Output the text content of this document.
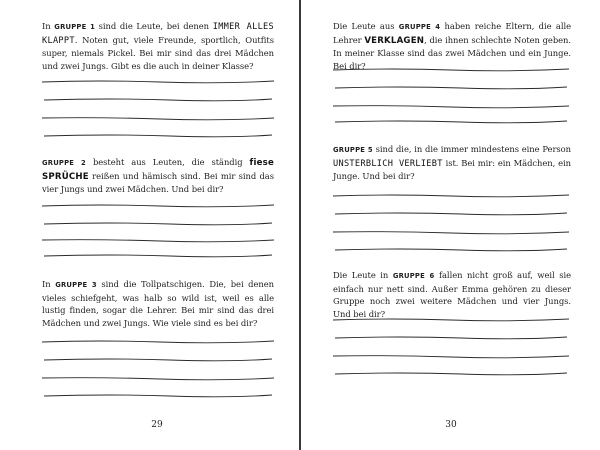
In GRUPPE 1 sind die Leute, bei denen IMMER ALLES KLAPPT. Noten gut, viele Freunde, sportlich, Outfits super, niemals Pickel. Bei mir sind das drei Mädchen und zwei Jungs. Gibt es die auch in deiner Klasse?
GRUPPE 2 besteht aus Leuten, die ständig fiese SPRÜCHE reißen und hämisch sind. Bei mir sind das vier Jungs und zwei Mädchen. Und bei dir?
In GRUPPE 3 sind die Tollpatschigen. Die, bei denen vieles schiefgeht, was halb so wild ist, weil es alle lustig finden, sogar die Lehrer. Bei mir sind das drei Mädchen und zwei Jungs. Wie viele sind es bei dir?
29
Die Leute aus GRUPPE 4 haben reiche Eltern, die alle Lehrer VERKLAGEN, die ihnen schlechte Noten geben. In meiner Klasse sind das zwei Mädchen und ein Junge. Bei dir?
GRUPPE 5 sind die, in die immer mindestens eine Person UNSTERBLICH VERLIEBT ist. Bei mir: ein Mädchen, ein Junge. Und bei dir?
Die Leute in GRUPPE 6 fallen nicht groß auf, weil sie einfach nur nett sind. Außer Emma gehören zu dieser Gruppe noch zwei weitere Mädchen und vier Jungs. Und bei dir?
30
